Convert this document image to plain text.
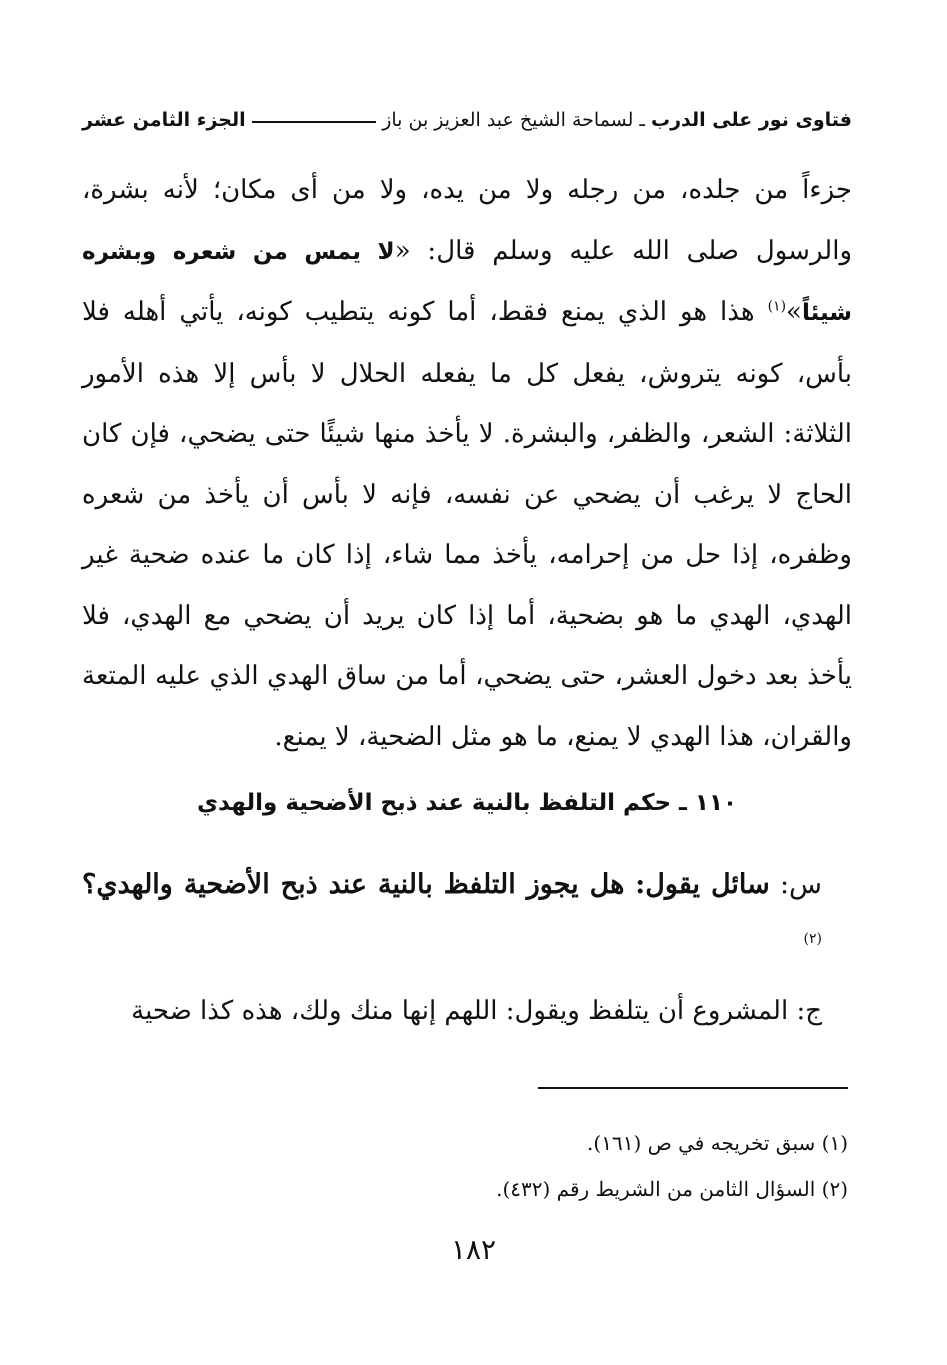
فتاوى نور على الدرب
ـ
لسماحة الشيخ عبد العزيز بن باز
الجزء الثامن عشر
جزءاً من جلده، من رجله ولا من يده، ولا من أى مكان؛ لأنه بشرة، والرسول صلى الله عليه وسلم قال: «لا يمس من شعره وبشره شيئاً»$^{(١)}$ هذا هو الذي يمنع فقط، أما كونه يتطيب كونه، يأتي أهله فلا بأس، كونه يتروش، يفعل كل ما يفعله الحلال لا بأس إلا هذه الأمور الثلاثة: الشعر، والظفر، والبشرة. لا يأخذ منها شيئًا حتى يضحي، فإن كان الحاج لا يرغب أن يضحي عن نفسه، فإنه لا بأس أن يأخذ من شعره وظفره، إذا حل من إحرامه، يأخذ مما شاء، إذا كان ما عنده ضحية غير الهدي، الهدي ما هو بضحية، أما إذا كان يريد أن يضحي مع الهدي، فلا يأخذ بعد دخول العشر، حتى يضحي، أما من ساق الهدي الذي عليه المتعة والقران، هذا الهدي لا يمنع، ما هو مثل الضحية، لا يمنع.
١١٠ ـ حكم التلفظ بالنية عند ذبح الأضحية والهدي
س: سائل يقول: هل يجوز التلفظ بالنية عند ذبح الأضحية والهدي؟$^{(٢)}$
ج: المشروع أن يتلفظ ويقول: اللهم إنها منك ولك، هذه كذا ضحية
(١) سبق تخريجه في ص (١٦١).
(٢) السؤال الثامن من الشريط رقم (٤٣٢).
١٨٢
